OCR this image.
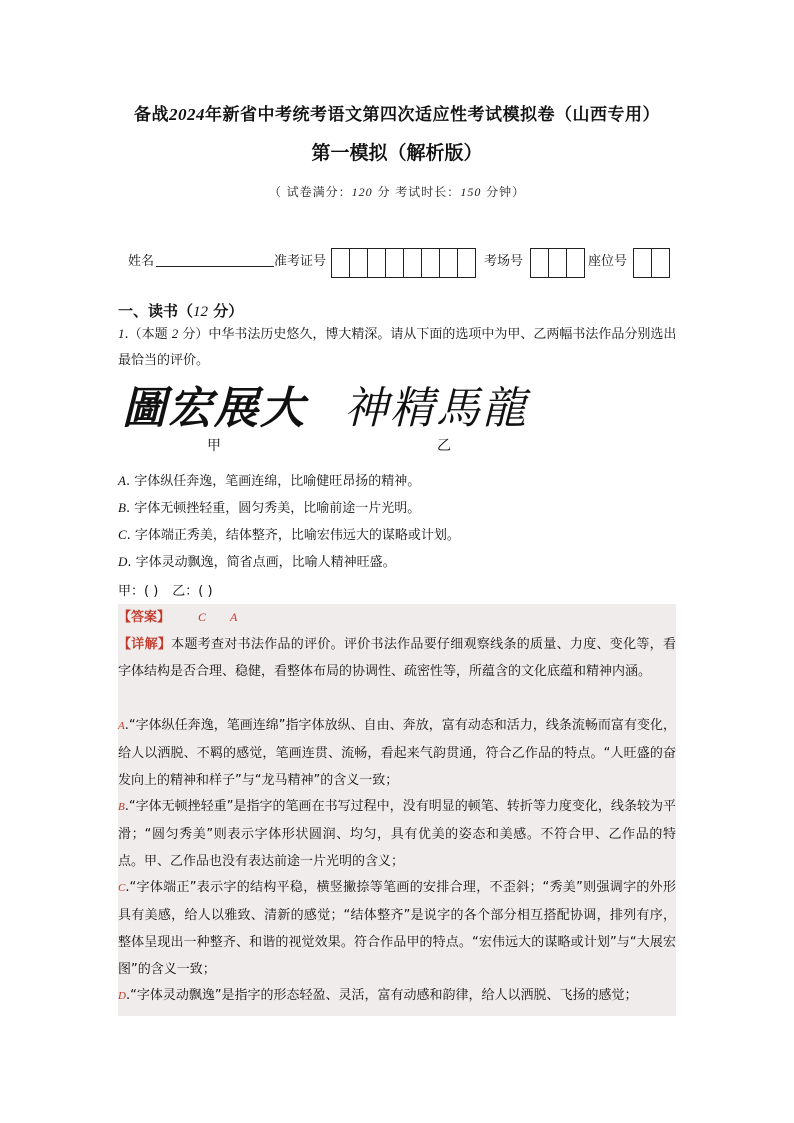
备战2024年新省中考统考语文第四次适应性考试模拟卷（山西专用）
第一模拟（解析版）
（ 试卷满分：120 分 考试时长：150 分钟）
姓名	准考证号	考场号	座位号
一、读书（12 分）
1.（本题 2 分）中华书法历史悠久，博大精深。请从下面的选项中为甲、乙两幅书法作品分别选出最恰当的评价。
圖宏展大 神精馬龍
甲	乙
A. 字体纵任奔逸，笔画连绵，比喻健旺昂扬的精神。
B. 字体无顿挫轻重，圆匀秀美，比喻前途一片光明。
C. 字体端正秀美，结体整齐，比喻宏伟远大的谋略或计划。
D. 字体灵动飘逸，简省点画，比喻人精神旺盛。
甲：( ) 乙：( )
【答案】 C A
【详解】本题考查对书法作品的评价。评价书法作品要仔细观察线条的质量、力度、变化等，看字体结构是否合理、稳健，看整体布局的协调性、疏密性等，所蕴含的文化底蕴和精神内涵。
A.“字体纵任奔逸，笔画连绵”指字体放纵、自由、奔放，富有动态和活力，线条流畅而富有变化，给人以洒脱、不羁的感觉，笔画连贯、流畅，看起来气韵贯通，符合乙作品的特点。“人旺盛的奋发向上的精神和样子”与“龙马精神”的含义一致；
B.“字体无顿挫轻重”是指字的笔画在书写过程中，没有明显的顿笔、转折等力度变化，线条较为平滑；“圆匀秀美”则表示字体形状圆润、均匀，具有优美的姿态和美感。不符合甲、乙作品的特点。甲、乙作品也没有表达前途一片光明的含义；
C.“字体端正”表示字的结构平稳，横竖撇捺等笔画的安排合理，不歪斜；“秀美”则强调字的外形具有美感，给人以雅致、清新的感觉；“结体整齐”是说字的各个部分相互搭配协调，排列有序，整体呈现出一种整齐、和谐的视觉效果。符合作品甲的特点。“宏伟远大的谋略或计划”与“大展宏图”的含义一致；
D.“字体灵动飘逸”是指字的形态轻盈、灵活，富有动感和韵律，给人以洒脱、飞扬的感觉；
